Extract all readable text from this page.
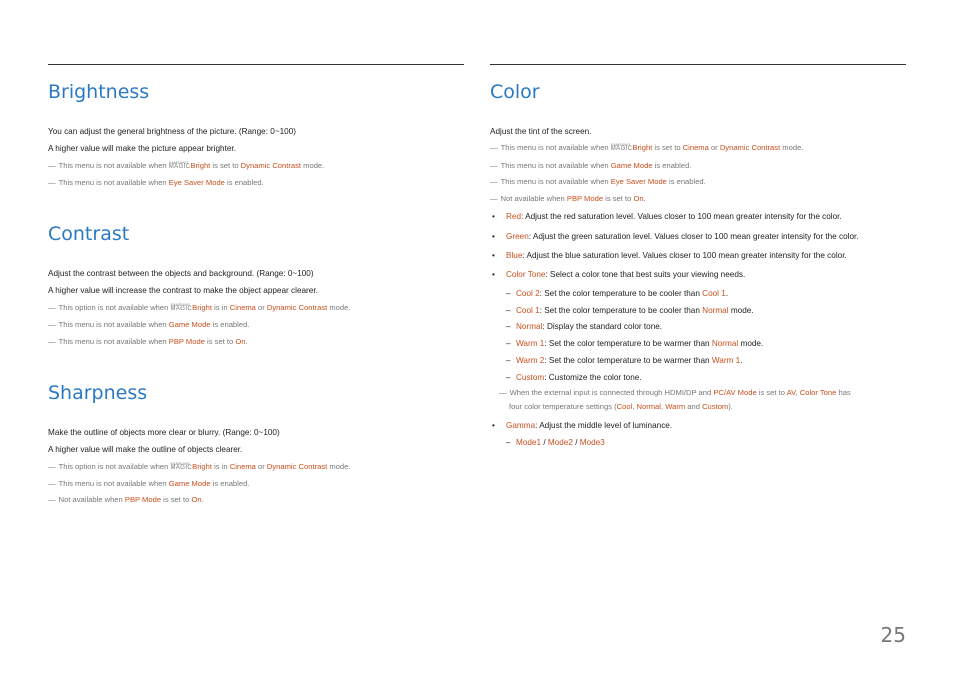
Brightness

You can adjust the general brightness of the picture. (Range: 0~100)

A higher value will make the picture appear brighter.

― This menu is not available when SAMSUNG
MAGICBright is set to Dynamic Contrast mode.

― This menu is not available when Eye Saver Mode is enabled.

Contrast

Adjust the contrast between the objects and background. (Range: 0~100)

A higher value will increase the contrast to make the object appear clearer.

― This option is not available when SAMSUNG
MAGICBright is in Cinema or Dynamic Contrast mode.

― This menu is not available when Game Mode is enabled.

― This menu is not available when PBP Mode is set to On.

Sharpness

Make the outline of objects more clear or blurry. (Range: 0~100)

A higher value will make the outline of objects clearer.

― This option is not available when SAMSUNG
MAGICBright is in Cinema or Dynamic Contrast mode.

― This menu is not available when Game Mode is enabled.

― Not available when PBP Mode is set to On.

Color

Adjust the tint of the screen.

― This menu is not available when SAMSUNG
MAGICBright is set to Cinema or Dynamic Contrast mode.

― This menu is not available when Game Mode is enabled.

― This menu is not available when Eye Saver Mode is enabled.

― Not available when PBP Mode is set to On.

• Red: Adjust the red saturation level. Values closer to 100 mean greater intensity for the color.
• Green: Adjust the green saturation level. Values closer to 100 mean greater intensity for the color.
• Blue: Adjust the blue saturation level. Values closer to 100 mean greater intensity for the color.
• Color Tone: Select a color tone that best suits your viewing needs.
– Cool 2: Set the color temperature to be cooler than Cool 1.
– Cool 1: Set the color temperature to be cooler than Normal mode.
– Normal: Display the standard color tone.
– Warm 1: Set the color temperature to be warmer than Normal mode.
– Warm 2: Set the color temperature to be warmer than Warm 1.
– Custom: Customize the color tone.

― When the external input is connected through HDMI/DP and PC/AV Mode is set to AV, Color Tone has

four color temperature settings (Cool, Normal, Warm and Custom).

• Gamma: Adjust the middle level of luminance.
– Mode1 / Mode2 / Mode3
25
